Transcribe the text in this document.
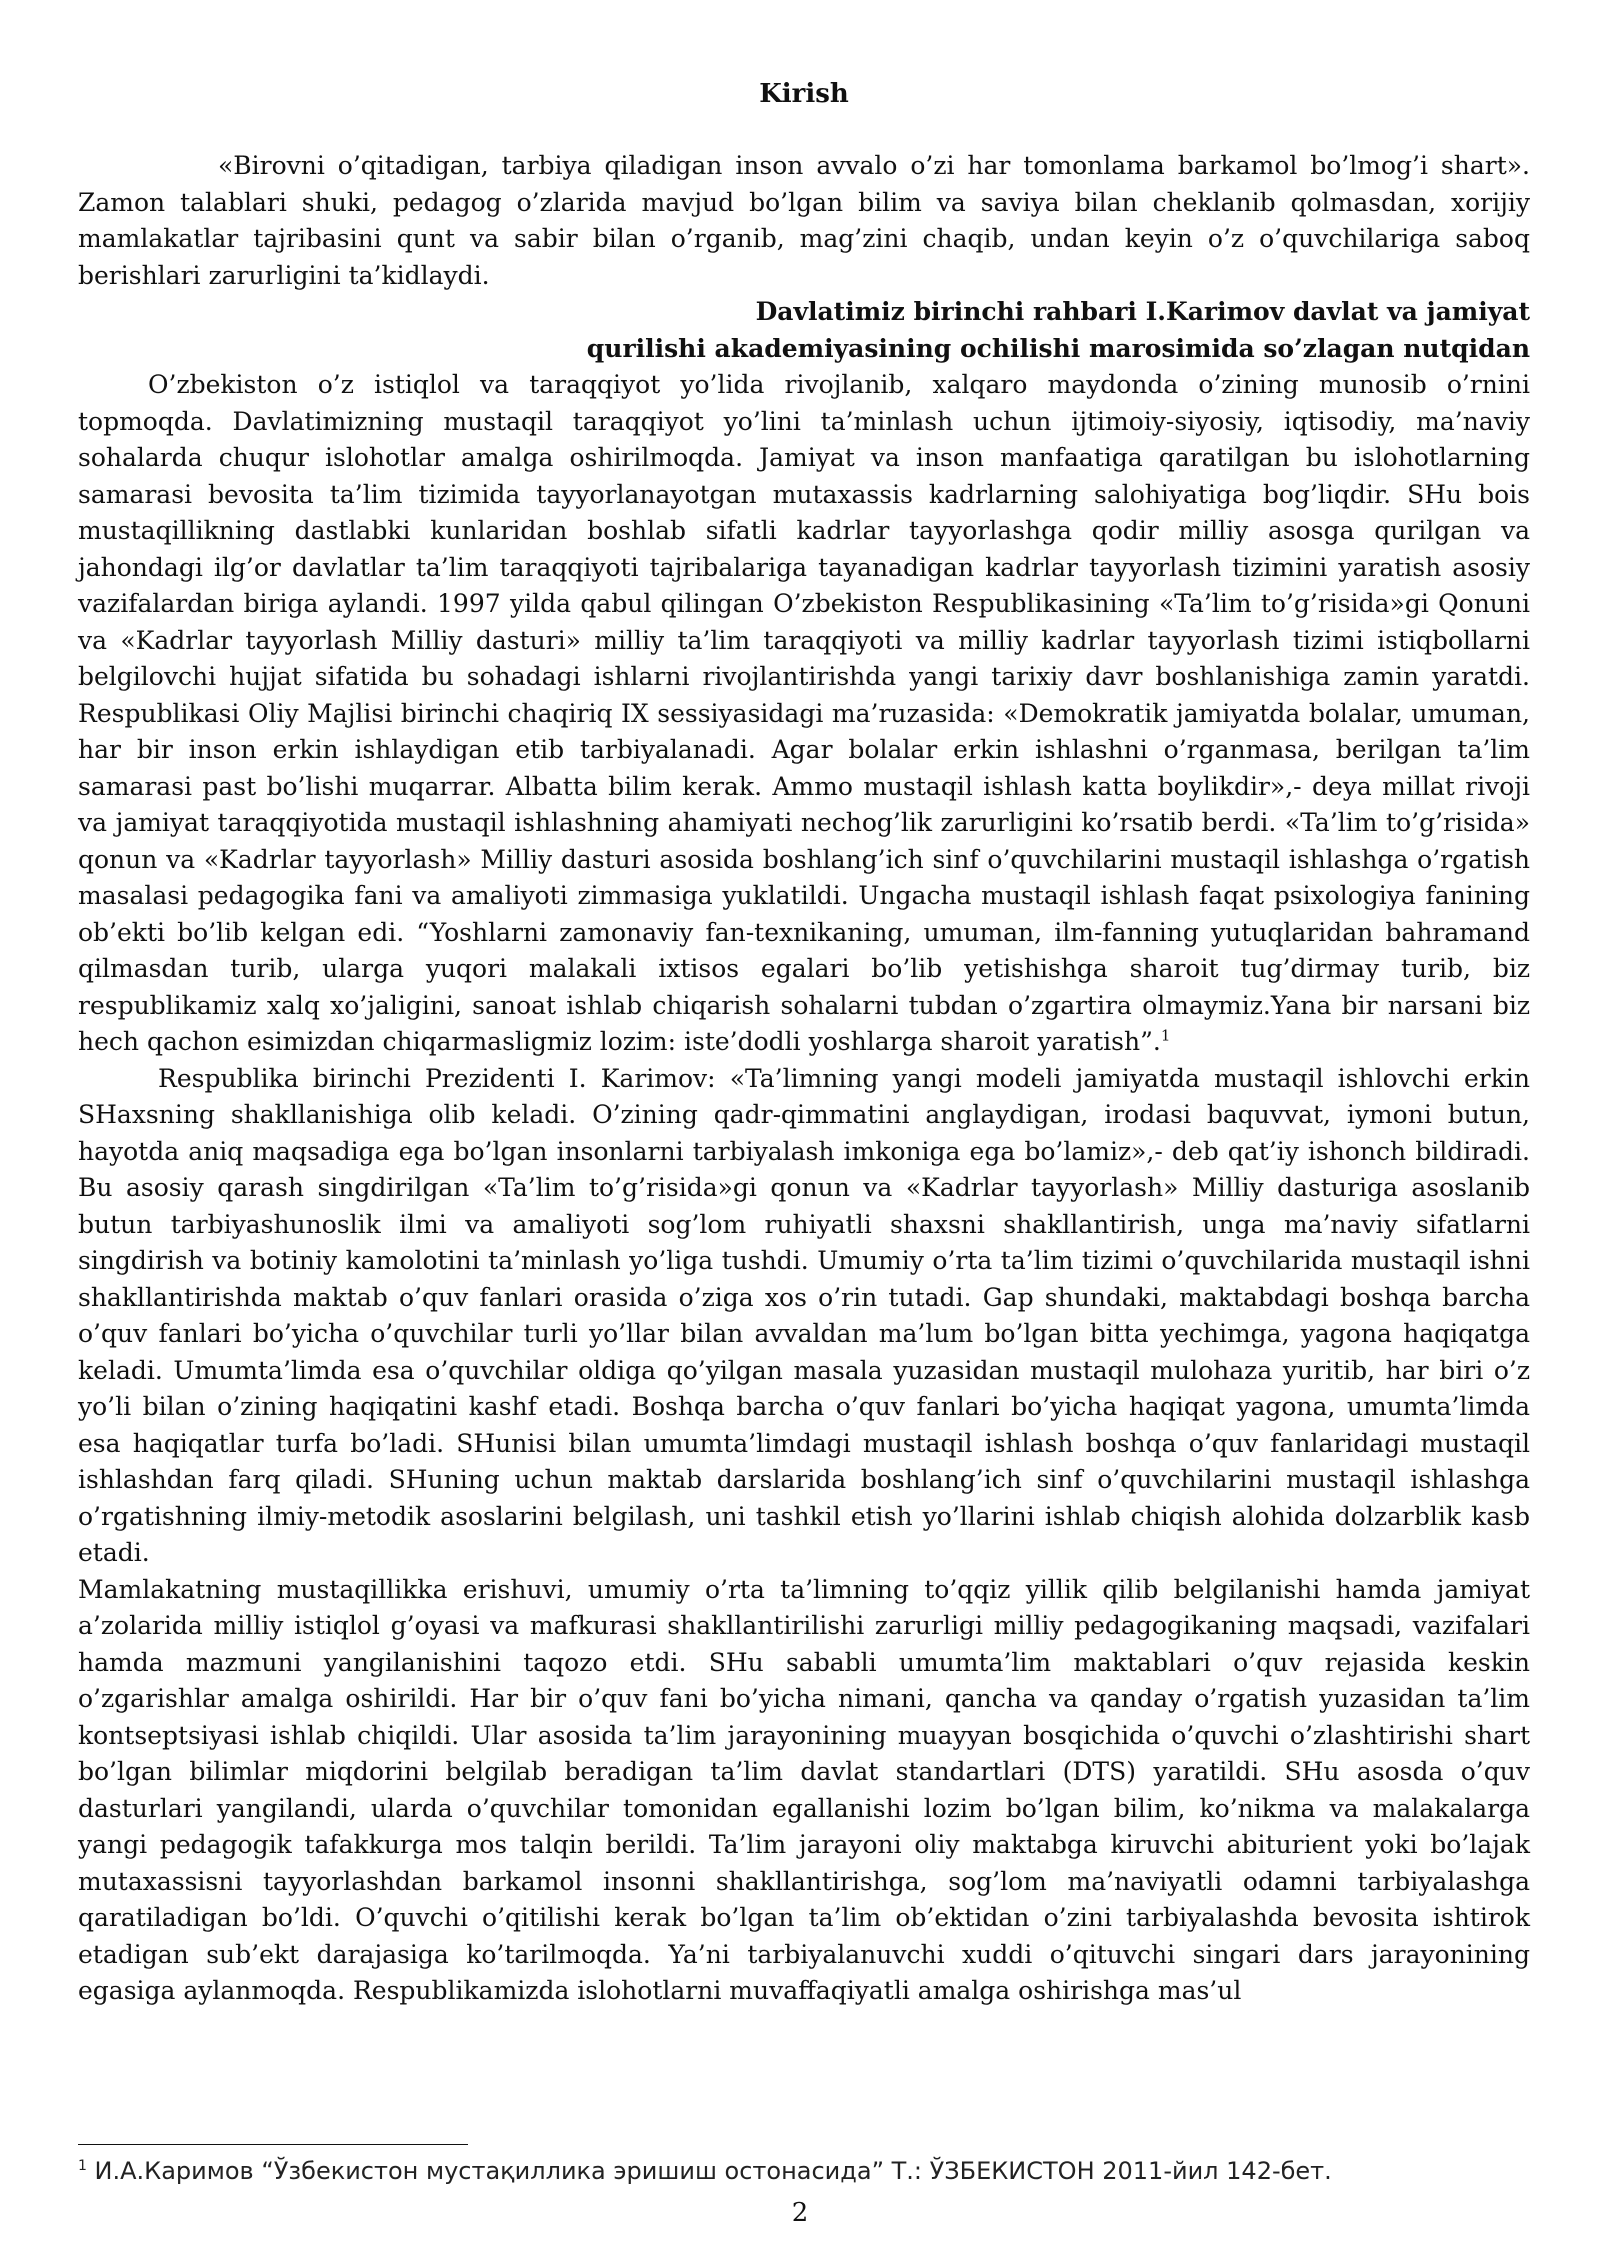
Kirish

«Birovni o’qitadigan, tarbiya qiladigan inson avvalo o’zi har tomonlama barkamol bo’lmog’i shart». Zamon talablari shuki, pedagog o’zlarida mavjud bo’lgan bilim va saviya bilan cheklanib qolmasdan, xorijiy mamlakatlar tajribasini qunt va sabir bilan o’rganib, mag’zini chaqib, undan keyin o’z o’quvchilariga saboq berishlari zarurligini ta’kidlaydi.

Davlatimiz birinchi rahbari I.Karimov davlat va jamiyat

qurilishi akademiyasining ochilishi marosimida so’zlagan nutqidan

O’zbekiston o’z istiqlol va taraqqiyot yo’lida rivojlanib, xalqaro maydonda o’zining munosib o’rnini topmoqda. Davlatimizning mustaqil taraqqiyot yo’lini ta’minlash uchun ijtimoiy-siyosiy, iqtisodiy, ma’naviy sohalarda chuqur islohotlar amalga oshirilmoqda. Jamiyat va inson manfaatiga qaratilgan bu islohotlarning samarasi bevosita ta’lim tizimida tayyorlanayotgan mutaxassis kadrlarning salohiyatiga bog’liqdir. SHu bois mustaqillikning dastlabki kunlaridan boshlab sifatli kadrlar tayyorlashga qodir milliy asosga qurilgan va jahondagi ilg’or davlatlar ta’lim taraqqiyoti tajribalariga tayanadigan kadrlar tayyorlash tizimini yaratish asosiy vazifalardan biriga aylandi. 1997 yilda qabul qilingan O’zbekiston Respublikasining «Ta’lim to’g’risida»gi Qonuni va «Kadrlar tayyorlash Milliy dasturi» milliy ta’lim taraqqiyoti va milliy kadrlar tayyorlash tizimi istiqbollarni belgilovchi hujjat sifatida bu sohadagi ishlarni rivojlantirishda yangi tarixiy davr boshlanishiga zamin yaratdi. Respublikasi Oliy Majlisi birinchi chaqiriq IX sessiyasidagi ma’ruzasida: «Demokratik jamiyatda bolalar, umuman, har bir inson erkin ishlaydigan etib tarbiyalanadi. Agar bolalar erkin ishlashni o’rganmasa, berilgan ta’lim samarasi past bo’lishi muqarrar. Albatta bilim kerak. Ammo mustaqil ishlash katta boylikdir»,- deya millat rivoji va jamiyat taraqqiyotida mustaqil ishlashning ahamiyati nechog’lik zarurligini ko’rsatib berdi. «Ta’lim to’g’risida» qonun va «Kadrlar tayyorlash» Milliy dasturi asosida boshlang’ich sinf o’quvchilarini mustaqil ishlashga o’rgatish masalasi pedagogika fani va amaliyoti zimmasiga yuklatildi. Ungacha mustaqil ishlash faqat psixologiya fanining ob’ekti bo’lib kelgan edi. “Yoshlarni zamonaviy fan-texnikaning, umuman, ilm-fanning yutuqlaridan bahramand qilmasdan turib, ularga yuqori malakali ixtisos egalari bo’lib yetishishga sharoit tug’dirmay turib, biz respublikamiz xalq xo’jaligini, sanoat ishlab chiqarish sohalarni tubdan o’zgartira olmaymiz.Yana bir narsani biz hech qachon esimizdan chiqarmasligmiz lozim: iste’dodli yoshlarga sharoit yaratish”.$^1$

Respublika birinchi Prezidenti I. Karimov: «Ta’limning yangi modeli jamiyatda mustaqil ishlovchi erkin SHaxsning shakllanishiga olib keladi. O’zining qadr-qimmatini anglaydigan, irodasi baquvvat, iymoni butun, hayotda aniq maqsadiga ega bo’lgan insonlarni tarbiyalash imkoniga ega bo’lamiz»,- deb qat’iy ishonch bildiradi. Bu asosiy qarash singdirilgan «Ta’lim to’g’risida»gi qonun va «Kadrlar tayyorlash» Milliy dasturiga asoslanib butun tarbiyashunoslik ilmi va amaliyoti sog’lom ruhiyatli shaxsni shakllantirish, unga ma’naviy sifatlarni singdirish va botiniy kamolotini ta’minlash yo’liga tushdi. Umumiy o’rta ta’lim tizimi o’quvchilarida mustaqil ishni shakllantirishda maktab o’quv fanlari orasida o’ziga xos o’rin tutadi. Gap shundaki, maktabdagi boshqa barcha o’quv fanlari bo’yicha o’quvchilar turli yo’llar bilan avvaldan ma’lum bo’lgan bitta yechimga, yagona haqiqatga keladi. Umumta’limda esa o’quvchilar oldiga qo’yilgan masala yuzasidan mustaqil mulohaza yuritib, har biri o’z yo’li bilan o’zining haqiqatini kashf etadi. Boshqa barcha o’quv fanlari bo’yicha haqiqat yagona, umumta’limda esa haqiqatlar turfa bo’ladi. SHunisi bilan umumta’limdagi mustaqil ishlash boshqa o’quv fanlaridagi mustaqil ishlashdan farq qiladi. SHuning uchun maktab darslarida boshlang’ich sinf o’quvchilarini mustaqil ishlashga o’rgatishning ilmiy-metodik asoslarini belgilash, uni tashkil etish yo’llarini ishlab chiqish alohida dolzarblik kasb etadi.

Mamlakatning mustaqillikka erishuvi, umumiy o’rta ta’limning to’qqiz yillik qilib belgilanishi hamda jamiyat a’zolarida milliy istiqlol g’oyasi va mafkurasi shakllantirilishi zarurligi milliy pedagogikaning maqsadi, vazifalari hamda mazmuni yangilanishini taqozo etdi. SHu sababli umumta’lim maktablari o’quv rejasida keskin o’zgarishlar amalga oshirildi. Har bir o’quv fani bo’yicha nimani, qancha va qanday o’rgatish yuzasidan ta’lim kontseptsiyasi ishlab chiqildi. Ular asosida ta’lim jarayonining muayyan bosqichida o’quvchi o’zlashtirishi shart bo’lgan bilimlar miqdorini belgilab beradigan ta’lim davlat standartlari (DTS) yaratildi. SHu asosda o’quv dasturlari yangilandi, ularda o’quvchilar tomonidan egallanishi lozim bo’lgan bilim, ko’nikma va malakalarga yangi pedagogik tafakkurga mos talqin berildi. Ta’lim jarayoni oliy maktabga kiruvchi abiturient yoki bo’lajak mutaxassisni tayyorlashdan barkamol insonni shakllantirishga, sog’lom ma’naviyatli odamni tarbiyalashga qaratiladigan bo’ldi. O’quvchi o’qitilishi kerak bo’lgan ta’lim ob’ektidan o’zini tarbiyalashda bevosita ishtirok etadigan sub’ekt darajasiga ko’tarilmoqda. Ya’ni tarbiyalanuvchi xuddi o’qituvchi singari dars jarayonining egasiga aylanmoqda. Respublikamizda islohotlarni muvaffaqiyatli amalga oshirishga mas’ul

$^1$ И.А.Каримов “Ўзбекистон мустақиллика эришиш остонасида” Т.: ЎЗБЕКИСТОН 2011-йил 142-бет.
2
